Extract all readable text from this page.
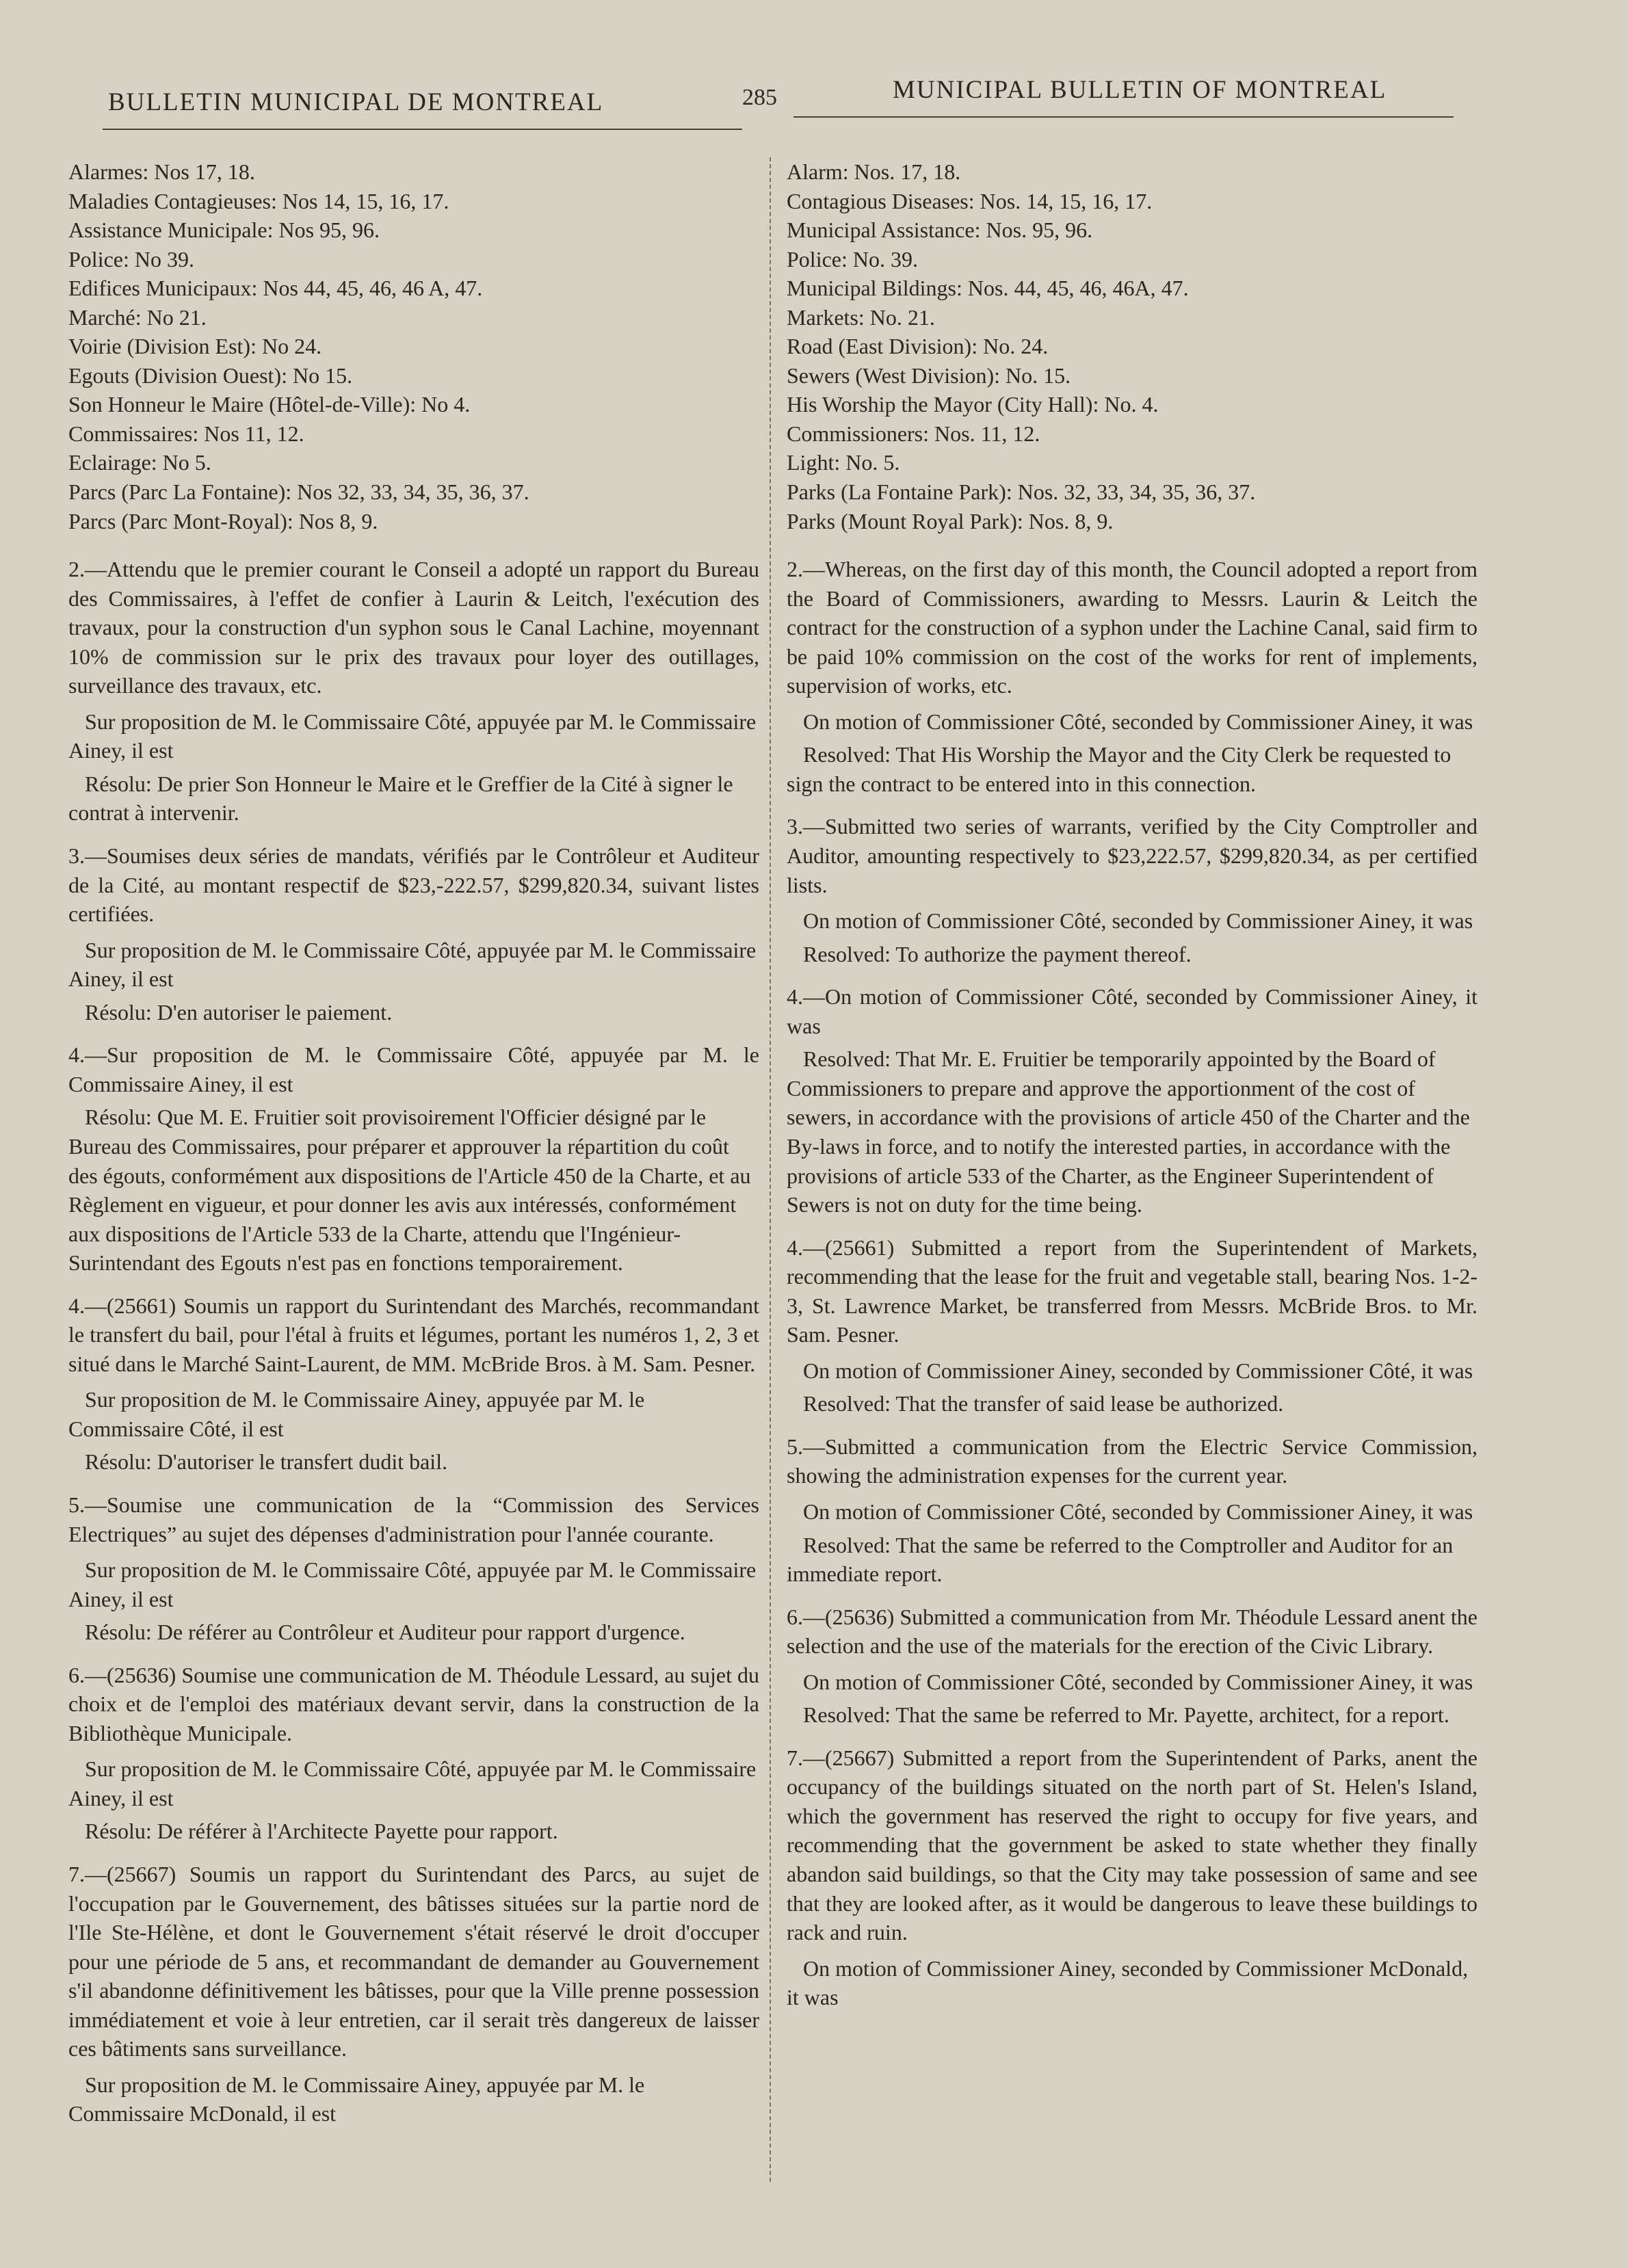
BULLETIN MUNICIPAL DE MONTREAL	285	MUNICIPAL BULLETIN OF MONTREAL

Alarmes: Nos 17, 18.

Maladies Contagieuses: Nos 14, 15, 16, 17.

Assistance Municipale: Nos 95, 96.

Police: No 39.

Edifices Municipaux: Nos 44, 45, 46, 46 A, 47.

Marché: No 21.

Voirie (Division Est): No 24.

Egouts (Division Ouest): No 15.

Son Honneur le Maire (Hôtel-de-Ville): No 4.

Commissaires: Nos 11, 12.

Eclairage: No 5.

Parcs (Parc La Fontaine): Nos 32, 33, 34, 35, 36, 37.

Parcs (Parc Mont-Royal): Nos 8, 9.

2.—Attendu que le premier courant le Conseil a adopté un rapport du Bureau des Commissaires, à l'effet de confier à Laurin & Leitch, l'exécution des travaux, pour la construction d'un syphon sous le Canal Lachine, moyennant 10% de commission sur le prix des travaux pour loyer des outillages, surveillance des travaux, etc.

Sur proposition de M. le Commissaire Côté, appuyée par M. le Commissaire Ainey, il est

Résolu: De prier Son Honneur le Maire et le Greffier de la Cité à signer le contrat à intervenir.

3.—Soumises deux séries de mandats, vérifiés par le Contrôleur et Auditeur de la Cité, au montant respectif de $23,-222.57, $299,820.34, suivant listes certifiées.

Sur proposition de M. le Commissaire Côté, appuyée par M. le Commissaire Ainey, il est

Résolu: D'en autoriser le paiement.

4.—Sur proposition de M. le Commissaire Côté, appuyée par M. le Commissaire Ainey, il est

Résolu: Que M. E. Fruitier soit provisoirement l'Officier désigné par le Bureau des Commissaires, pour préparer et approuver la répartition du coût des égouts, conformément aux dispositions de l'Article 450 de la Charte, et au Règlement en vigueur, et pour donner les avis aux intéressés, conformément aux dispositions de l'Article 533 de la Charte, attendu que l'Ingénieur-Surintendant des Egouts n'est pas en fonctions temporairement.

4.—(25661) Soumis un rapport du Surintendant des Marchés, recommandant le transfert du bail, pour l'étal à fruits et légumes, portant les numéros 1, 2, 3 et situé dans le Marché Saint-Laurent, de MM. McBride Bros. à M. Sam. Pesner.

Sur proposition de M. le Commissaire Ainey, appuyée par M. le Commissaire Côté, il est

Résolu: D'autoriser le transfert dudit bail.

5.—Soumise une communication de la “Commission des Services Electriques” au sujet des dépenses d'administration pour l'année courante.

Sur proposition de M. le Commissaire Côté, appuyée par M. le Commissaire Ainey, il est

Résolu: De référer au Contrôleur et Auditeur pour rapport d'urgence.

6.—(25636) Soumise une communication de M. Théodule Lessard, au sujet du choix et de l'emploi des matériaux devant servir, dans la construction de la Bibliothèque Municipale.

Sur proposition de M. le Commissaire Côté, appuyée par M. le Commissaire Ainey, il est

Résolu: De référer à l'Architecte Payette pour rapport.

7.—(25667) Soumis un rapport du Surintendant des Parcs, au sujet de l'occupation par le Gouvernement, des bâtisses situées sur la partie nord de l'Ile Ste-Hélène, et dont le Gouvernement s'était réservé le droit d'occuper pour une période de 5 ans, et recommandant de demander au Gouvernement s'il abandonne définitivement les bâtisses, pour que la Ville prenne possession immédiatement et voie à leur entretien, car il serait très dangereux de laisser ces bâtiments sans surveillance.

Sur proposition de M. le Commissaire Ainey, appuyée par M. le Commissaire McDonald, il est

Alarm: Nos. 17, 18.

Contagious Diseases: Nos. 14, 15, 16, 17.

Municipal Assistance: Nos. 95, 96.

Police: No. 39.

Municipal Bildings: Nos. 44, 45, 46, 46A, 47.

Markets: No. 21.

Road (East Division): No. 24.

Sewers (West Division): No. 15.

His Worship the Mayor (City Hall): No. 4.

Commissioners: Nos. 11, 12.

Light: No. 5.

Parks (La Fontaine Park): Nos. 32, 33, 34, 35, 36, 37.

Parks (Mount Royal Park): Nos. 8, 9.

2.—Whereas, on the first day of this month, the Council adopted a report from the Board of Commissioners, awarding to Messrs. Laurin & Leitch the contract for the construction of a syphon under the Lachine Canal, said firm to be paid 10% commission on the cost of the works for rent of implements, supervision of works, etc.

On motion of Commissioner Côté, seconded by Commissioner Ainey, it was

Resolved: That His Worship the Mayor and the City Clerk be requested to sign the contract to be entered into in this connection.

3.—Submitted two series of warrants, verified by the City Comptroller and Auditor, amounting respectively to $23,222.57, $299,820.34, as per certified lists.

On motion of Commissioner Côté, seconded by Commissioner Ainey, it was

Resolved: To authorize the payment thereof.

4.—On motion of Commissioner Côté, seconded by Commissioner Ainey, it was

Resolved: That Mr. E. Fruitier be temporarily appointed by the Board of Commissioners to prepare and approve the apportionment of the cost of sewers, in accordance with the provisions of article 450 of the Charter and the By-laws in force, and to notify the interested parties, in accordance with the provisions of article 533 of the Charter, as the Engineer Superintendent of Sewers is not on duty for the time being.

4.—(25661) Submitted a report from the Superintendent of Markets, recommending that the lease for the fruit and vegetable stall, bearing Nos. 1-2-3, St. Lawrence Market, be transferred from Messrs. McBride Bros. to Mr. Sam. Pesner.

On motion of Commissioner Ainey, seconded by Commissioner Côté, it was

Resolved: That the transfer of said lease be authorized.

5.—Submitted a communication from the Electric Service Commission, showing the administration expenses for the current year.

On motion of Commissioner Côté, seconded by Commissioner Ainey, it was

Resolved: That the same be referred to the Comptroller and Auditor for an immediate report.

6.—(25636) Submitted a communication from Mr. Théodule Lessard anent the selection and the use of the materials for the erection of the Civic Library.

On motion of Commissioner Côté, seconded by Commissioner Ainey, it was

Resolved: That the same be referred to Mr. Payette, architect, for a report.

7.—(25667) Submitted a report from the Superintendent of Parks, anent the occupancy of the buildings situated on the north part of St. Helen's Island, which the government has reserved the right to occupy for five years, and recommending that the government be asked to state whether they finally abandon said buildings, so that the City may take possession of same and see that they are looked after, as it would be dangerous to leave these buildings to rack and ruin.

On motion of Commissioner Ainey, seconded by Commissioner McDonald, it was
